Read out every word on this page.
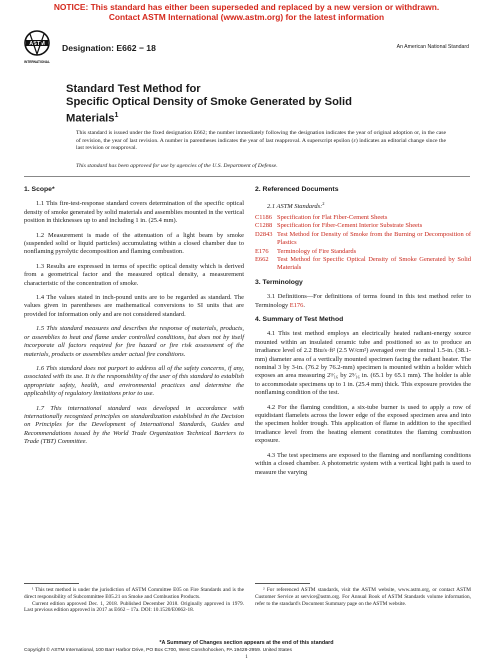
NOTICE: This standard has either been superseded and replaced by a new version or withdrawn.
Contact ASTM International (www.astm.org) for the latest information
ASTM
INTERNATIONAL
Designation: E662 − 18	An American National Standard
Standard Test Method for
Specific Optical Density of Smoke Generated by Solid
Materials$^1$
This standard is issued under the fixed designation E662; the number immediately following the designation indicates the year of original adoption or, in the case of revision, the year of last revision. A number in parentheses indicates the year of last reapproval. A superscript epsilon (ε) indicates an editorial change since the last revision or reapproval.
This standard has been approved for use by agencies of the U.S. Department of Defense.
1. Scope*
1.1 This fire-test-response standard covers determination of the specific optical density of smoke generated by solid materials and assemblies mounted in the vertical position in thicknesses up to and including 1 in. (25.4 mm).
1.2 Measurement is made of the attenuation of a light beam by smoke (suspended solid or liquid particles) accumulating within a closed chamber due to nonflaming pyrolytic decomposition and flaming combustion.
1.3 Results are expressed in terms of specific optical density which is derived from a geometrical factor and the measured optical density, a measurement characteristic of the concentration of smoke.
1.4 The values stated in inch-pound units are to be regarded as standard. The values given in parentheses are mathematical conversions to SI units that are provided for information only and are not considered standard.
1.5 This standard measures and describes the response of materials, products, or assemblies to heat and flame under controlled conditions, but does not by itself incorporate all factors required for fire hazard or fire risk assessment of the materials, products or assemblies under actual fire conditions.
1.6 This standard does not purport to address all of the safety concerns, if any, associated with its use. It is the responsibility of the user of this standard to establish appropriate safety, health, and environmental practices and determine the applicability of regulatory limitations prior to use.
1.7 This international standard was developed in accordance with internationally recognized principles on standardization established in the Decision on Principles for the Development of International Standards, Guides and Recommendations issued by the World Trade Organization Technical Barriers to Trade (TBT) Committee.
2. Referenced Documents
2.1 ASTM Standards:$^2$
C1186 Specification for Flat Fiber-Cement Sheets
C1288 Specification for Fiber-Cement Interior Substrate Sheets
D2843 Test Method for Density of Smoke from the Burning or Decomposition of Plastics
E176	Terminology of Fire Standards
E662	Test Method for Specific Optical Density of Smoke Generated by Solid Materials
3. Terminology
3.1 Definitions—For definitions of terms found in this test method refer to Terminology E176.
4. Summary of Test Method
4.1 This test method employs an electrically heated radiant-energy source mounted within an insulated ceramic tube and positioned so as to produce an irradiance level of 2.2 Btu/s·ft² (2.5 W/cm²) averaged over the central 1.5-in. (38.1-mm) diameter area of a vertically mounted specimen facing the radiant heater. The nominal 3 by 3-in. (76.2 by 76.2-mm) specimen is mounted within a holder which exposes an area measuring 2⁹⁄₁₆ by 2⁹⁄₁₆ in. (65.1 by 65.1 mm). The holder is able to accommodate specimens up to 1 in. (25.4 mm) thick. This exposure provides the nonflaming condition of the test.
4.2 For the flaming condition, a six-tube burner is used to apply a row of equidistant flamelets across the lower edge of the exposed specimen area and into the specimen holder trough. This application of flame in addition to the specified irradiance level from the heating element constitutes the flaming combustion exposure.
4.3 The test specimens are exposed to the flaming and nonflaming conditions within a closed chamber. A photometric system with a vertical light path is used to measure the varying
¹ This test method is under the jurisdiction of ASTM Committee E05 on Fire Standards and is the direct responsibility of Subcommittee E05.21 on Smoke and Combustion Products.
Current edition approved Dec. 1, 2018. Published December 2018. Originally approved in 1979. Last previous edition approved in 2017 as E662 – 17a. DOI: 10.1520/E0662-18.
² For referenced ASTM standards, visit the ASTM website, www.astm.org, or contact ASTM Customer Service at service@astm.org. For Annual Book of ASTM Standards volume information, refer to the standard's Document Summary page on the ASTM website.
*A Summary of Changes section appears at the end of this standard
Copyright © ASTM International, 100 Barr Harbor Drive, PO Box C700, West Conshohocken, PA 19428-2959. United States
1
